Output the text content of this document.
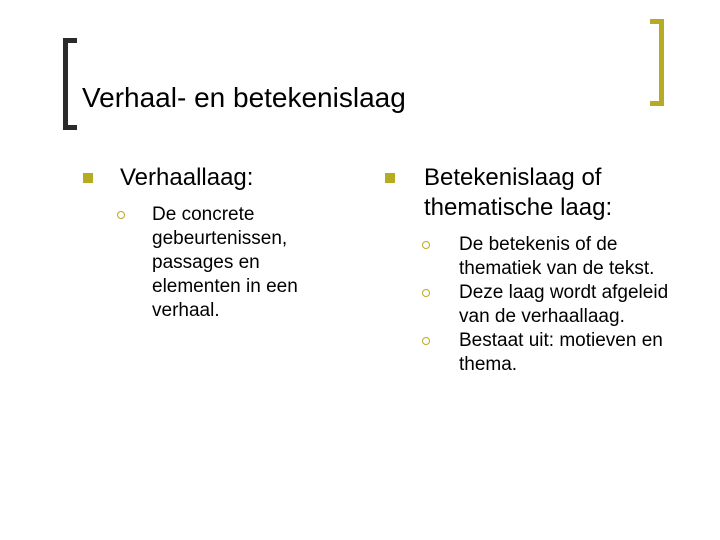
Verhaal- en betekenislaag
Verhaallaag:
De concrete gebeurtenissen, passages en elementen in een verhaal.
Betekenislaag of thematische laag:
De betekenis of de thematiek van de tekst.
Deze laag wordt afgeleid van de verhaallaag.
Bestaat uit: motieven en thema.
